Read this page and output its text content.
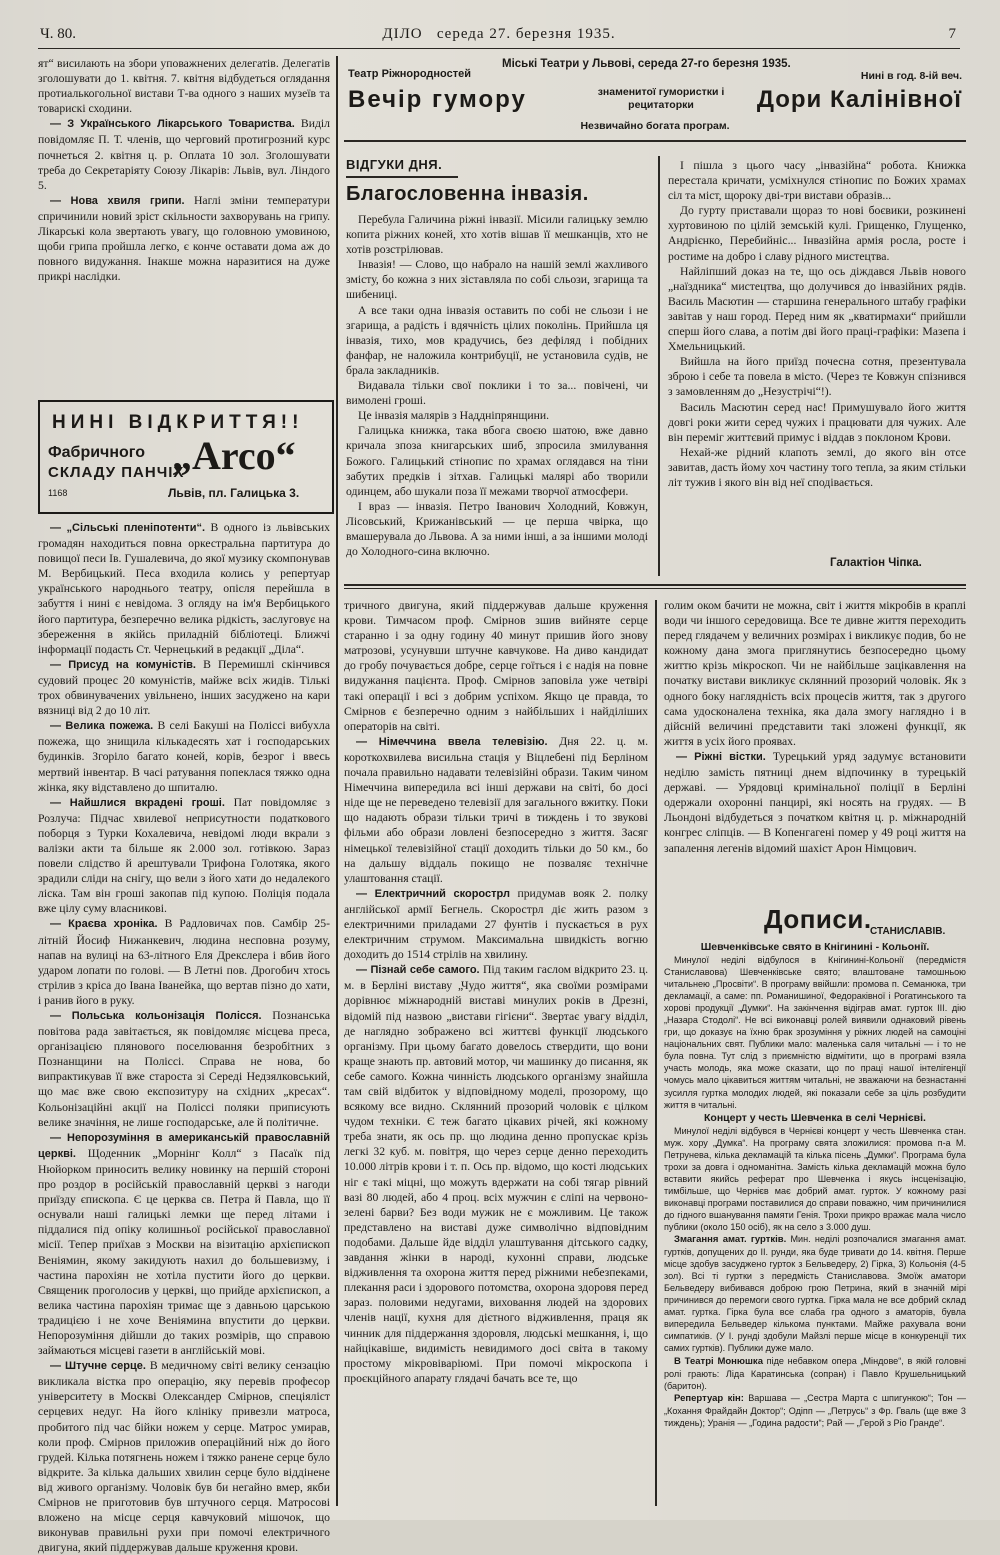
Ч. 80.	ДІЛО середа 27. березня 1935.	7
Театр Ріжнородностей
Міські Театри у Львові, середа 27-го березня 1935.
Нині в год. 8-ій веч.
Вечір гумору	знаменитої гумористки і рецитаторки	Дори Калінівної
Незвичайно богата програм.

ят“ висилають на збори уповажнених делегатів. Делегатів зголошувати до 1. квітня. 7. квітня відбудеться оглядання протиалькогольної вистави Т-ва одного з наших музеїв та товарискі сходини.

— З Українського Лікарського Товариства. Виділ повідомляє П. Т. членів, що черговий протигрозний курс почнеться 2. квітня ц. р. Оплата 10 зол. Зголошувати треба до Секретаріяту Союзу Лікарів: Львів, вул. Ліндого 5.

— Нова хвиля грипи. Наглі зміни температури спричинили новий зріст скільности захворувань на грипу. Лікарські кола звертають увагу, що головною умовиною, щоби грипа пройшла легко, є конче оставати дома аж до повного видужання. Інакше можна наразитися на дуже прикрі наслідки.

НИНІ ВІДКРИТТЯ!!
Фабричного
СКЛАДУ ПАНЧІХ
„Arco“
1168	Львів, пл. Галицька 3.

— „Сільські пленіпотенти“. В одного із львівських громадян находиться повна оркестральна партитура до повищої песи Ів. Гушалевича, до якої музику скомпонував М. Вербицький. Песа входила колись у репертуар українського народнього театру, опісля перейшла в забуття і нині є невідома. З огляду на ім'я Вербицького його партитура, безперечно велика рідкість, заслуговує на збереження в якійсь приладній бібліотеці. Ближчі інформації подасть Ст. Чернецький в редакції „Діла“.

— Присуд на комуністів. В Перемишлі скінчився судовий процес 20 комуністів, майже всіх жидів. Тількі трох обвинувачених увільнено, інших засуджено на кари вязниці від 2 до 10 літ.

— Велика пожежа. В селі Бакуші на Поліссі вибухла пожежа, що знищила кількадесять хат і господарських будинків. Згоріло багато коней, корів, безрог і ввесь мертвий інвентар. В часі ратування попеклася тяжко одна жінка, яку відставлено до шпиталю.

— Найшлися вкрадені гроші. Пат повідомляє з Розлуча: Підчас хвилевої неприсутности податкового поборця з Турки Кохалевича, невідомі люди вкрали з валізки акти та більше як 2.000 зол. готівкою. Зараз повели слідство й арештували Трифона Голотяка, якого зрадили сліди на снігу, що вели з його хати до недалекого ліска. Там він гроші закопав під купою. Поліція подала вже цілу суму власникові.

— Краєва хроніка. В Радловичах пов. Самбір 25-літній Йосиф Нижанкевич, людина несповна розуму, напав на вулиці на 63-літного Еля Дрекслера і вбив його ударом лопати по голові. — В Летні пов. Дрогобич хтось стрілив з кріса до Івана Іванейка, що вертав пізно до хати, і ранив його в руку.

— Польська кольонізація Полісся. Познанська повітова рада завітається, як повідомляє місцева преса, організацією плянового поселювання безробітних з Познанщини на Поліссі. Справа не нова, бо випрактикував її вже староста зі Середі Недзялковський, що має вже свою експозитуру на східних „кресах“. Кольонізаційні акції на Поліссі поляки приписують велике значіння, не лише господарське, але й політичне.

— Непорозуміння в американській православній церкві. Щоденник „Морнінг Колл“ з Пасаїк під Нюйорком приносить велику новинку на першій стороні про роздор в російській православній церкві з нагоди приїзду єпископа. Є це церква св. Петра й Павла, що її оснували наші галицькі лемки ще перед літами і піддалися під опіку колишньої російської православної місії. Тепер приїхав з Москви на візитацію архієпископ Веніямин, якому закидують нахил до большевизму, і частина парохіян не хотіла пустити його до церкви. Священик проголосив у церкві, що прийде архієпископ, а велика частина парохіян тримає ще з давньою царською традицією і не хоче Веніямина впустити до церкви. Непорозуміння дійшли до таких розмірів, що справою займаються місцеві газети в англійській мові.

— Штучне серце. В медичному світі велику сензацію викликала вістка про операцію, яку перевів професор університету в Москві Олександер Смірнов, спеціяліст серцевих недуг. На його клініку привезли матроса, пробитого під час бійки ножем у серце. Матрос умирав, коли проф. Смірнов приложив операційний ніж до його грудей. Кілька потягнень ножем і тяжко ранене серце було відкрите. За кілька дальших хвилин серце було віддінене від живого організму. Чоловік був би негайно вмер, якби Смірнов не приготовив був штучного серця. Матросові вложено на місце серця кавчуковий мішочок, що виконував правильні рухи при помочі електричного двигуна, який піддержував дальше круження крови.

ВІДГУКИ ДНЯ.
Благословенна інвазія.

Перебула Галичина ріжні інвазії. Місили галицьку землю копита ріжних коней, хто хотів вішав її мешканців, хто не хотів розстрілював.

Інвазія! — Слово, що набрало на нашій землі жахливого змісту, бо кожна з них зіставляла по собі сльози, згарища та шибениці.

А все таки одна інвазія оставить по собі не сльози і не згарища, а радість і вдячність цілих поколінь. Прийшла ця інвазія, тихо, мов крадучись, без дефіляд і побідних фанфар, не наложила контрибуції, не установила судів, не брала закладників.

Видавала тільки свої поклики і то за... повічені, чи вимолені гроші.

Це інвазія малярів з Наддніпрянщини.

Галицька книжка, така вбога своєю шатою, вже давно кричала зпоза книгарських шиб, зпросила змилування Божого. Галицький стінопис по храмах оглядався на тіни забутих предків і зітхав. Галицькі малярі або творили одинцем, або шукали поза її межами творчої атмосфери.

І враз — інвазія. Петро Іванович Холодний, Ковжун, Лісовський, Крижанівський — це перша чвірка, що вмашерувала до Львова. А за ними інші, а за іншими молоді до Холодного-сина включно.

І пішла з цього часу „інвазійна“ робота. Книжка перестала кричати, усміхнулся стінопис по Божих храмах сіл та міст, щороку дві-три вистави образів...

До гурту приставали щораз то нові боєвики, розкинені хуртовиною по цілій земській кулі. Грищенко, Глущенко, Андрієнко, Перебийніс... Інвазійна армія росла, росте і ростиме на добро і славу рідного мистецтва.

Найліпший доказ на те, що ось діждався Львів нового „наїздника“ мистецтва, що долучився до інвазійних рядів. Василь Масютин — старшина генерального штабу графіки завітав у наш город. Перед ним як „кватирмахи“ прийшли сперш його слава, а потім дві його праці-графіки: Мазепа і Хмельницький.

Вийшла на його приїзд почесна сотня, презентувала зброю і себе та повела в місто. (Через те Ковжун спізнився з замовленням до „Незустрічі“!).

Василь Масютин серед нас! Примушувало його життя довгі роки жити серед чужих і працювати для чужих. Але він переміг життєвий примус і віддав з поклоном Крови.

Нехай-же рідний клапоть землі, до якого він отсе завитав, дасть йому хоч частину того тепла, за яким стільки літ тужив і якого він від неї сподівається.

Галактіон Чіпка.

тричного двигуна, який піддержував дальше круження крови. Тимчасом проф. Смірнов зшив вийняте серце старанно і за одну годину 40 минут пришив його знову матрозові, усунувши штучне кавчукове. На диво кандидат до гробу почувається добре, серце гоїться і є надія на повне видужання пацієнта. Проф. Смірнов заповіла уже четвірі такі операції і всі з добрим успіхом. Якщо це правда, то Смірнов є безперечно одним з найбільших і найділіших операторів на світі.

— Німеччина ввела телевізію. Дня 22. ц. м. короткохвилева висильна стація у Віцлебені під Берліном почала правильно надавати телевізійні образи. Таким чином Німеччина випередила всі інші держави на світі, бо досі ніде ще не переведено телевізії для загального вжитку. Поки що надають образи тільки тричі в тиждень і то звукові фільми або образи ловлені безпосередно з життя. Засяг німецької телевізійної стації доходить тільки до 50 км., бо на дальшу віддаль покищо не позваляє технічне улаштовання стації.

— Електричний скорострл придумав вояк 2. полку англійської армії Бегнель. Скорострл діє жить разом з електричними приладами 27 фунтів і пускається в рух електричним струмом. Максимальна швидкість вогню доходить до 1514 стрілів на хвилину.

— Пізнай себе самого. Під таким гаслом відкрито 23. ц. м. в Берліні виставу „Чудо життя“, яка своїми розмірами дорівнює міжнародній виставі минулих років в Дрезні, відомій під назвою „вистави гігієни“. Звертає увагу відділ, де наглядно зображено всі життєві функції людського організму. При цьому багато довелось ствердити, що вони краще знають пр. автовий мотор, чи машинку до писання, як себе самого. Кожна чинність людського організму знайшла там свій відбиток у відповідному моделі, прозорому, що всякому все видно. Склянний прозорий чоловік є цілком чудом техніки. Є теж багато цікавих річей, які кожному треба знати, як ось пр. що людина денно пропускає крізь легкі 32 куб. м. повітря, що через серце денно переходить 10.000 літрів крови і т. п. Ось пр. відомо, що кості людських ніг є такі міцні, що можуть вдержати на собі тягар рівний вазі 80 людей, або 4 проц. всіх мужчин є сліпі на червоно-зелені барви? Без води мужик не є можливим. Це також представлено на виставі дуже символічно відповідним подобами. Дальше йде відділ улаштування дітського садку, завдання жінки в народі, кухонні справи, людське відживлення та охорона життя перед ріжними небезпеками, плекання раси і здорового потомства, охорона здоровя перед зараз. половими недугами, виховання людей на здорових членів нації, кухня для дієтного відживлення, праця як чинник для піддержання здоровля, людські мешкання, і, що найцікавіше, видимість невидимого досі світа в такому простому мікровіваріюмі. При помочі мікроскопа і проєкційного апарату глядачі бачать все те, що

голим оком бачити не можна, світ і життя мікробів в краплі води чи іншого середовища. Все те дивне життя переходить перед глядачем у величних розмірах і викликує подив, бо не кожному дана змога приглянутись безпосередно цьому життю крізь мікроскоп. Чи не найбільше зацікавлення на початку вистави викликує склянний прозорий чоловік. Як з одного боку наглядність всіх процесів життя, так з другого сама удосконалена техніка, яка дала змогу наглядно і в дійсній величині представити такі зложені функції, як життя в усіх його проявах.

— Ріжні вістки. Турецький уряд задумує встановити неділю замість пятниці днем відпочинку в турецькій державі. — Урядовці кримінальної поліції в Берліні одержали охоронні панцирі, які носять на грудях. — В Льондоні відбудеться з початком квітня ц. р. міжнародній конгрес сліпців. — В Копенгагені помер у 49 році життя на запалення легенів відомий шахіст Арон Німцович.

Дописи.
СТАНИСЛАВІВ.
Шевченківське свято в Кнігинині - Кольонії.

Минулої неділі відбулося в Кнігинині-Кольонії (передмістя Станиславова) Шевченківське свято; влаштоване тамошньою читальнею „Просвіти“. В програму ввійшли: промова п. Семанюка, три декламації, а саме: пп. Романишиної, Федораківної і Рогатинського та хорові продукції „Думки“. На закінчення відіграв амат. гурток ІІІ. дію „Назара Стодолі“. Не всі виконавці ролей виявили однаковий рівень гри, що доказує на їхню брак зрозуміння у ріжних людей на самоціні національних свят. Публики мало: маленька саля читальні — і то не була повна. Тут слід з приємністю відмітити, що в програмі взяла участь молодь, яка може сказати, що по праці нашої інтелігенції чомусь мало цікавиться життям читальні, не зважаючи на безнастанні зусилля гуртка молодих людей, які показали себе за ціль розбудити життя в читальні.

Концерт у честь Шевченка в селі Чернієві.

Минулої неділі відбувся в Чернієві концерт у честь Шевченка стан. муж. хору „Думка“. На програму свята зложилися: промова п-а М. Петрунева, кілька декламацій та кілька пісень „Думки“. Програма була трохи за довга і одноманітна. Замість кілька декламацій можна було вставити якийсь реферат про Шевченка і якусь інсценізацію, тимбільше, що Чернієв має добрий амат. гурток. У кожному разі виконавці програми поставилися до справи поважно, чим причинилися до гідного вшанування памяти Генія. Трохи прикро вражає мала число публики (около 150 осіб), як на село з 3.000 душ.

Змагання амат. гуртків. Мин. неділі розпочалися змагання амат. гуртків, допущених до ІІ. рунди, яка буде тривати до 14. квітня. Перше місце здобув засуджено гурток з Бельведеру, 2) Гірка, 3) Кольонія (4-5 зол). Всі ті гуртки з передмість Станиславова. Змоїж аматори Бельведеру вибивався доброю грою Петрина, який в значній мірі причинився до перемоги свого гуртка. Гірка мала не все добрий склад амат. гуртка. Гірка була все слаба гра одного з аматорів, бувла випередила Бельведер кількома пунктами. Майже рахувала вони симпатиків. (У І. рунді здобули Майзлі перше місце в конкуренції тих самих гуртків). Публики дуже мало.

В Театрі Монюшка піде небавком опера „Міндове“, в якій головні ролі грають: Ліда Каратинська (сопран) і Павло Крушельницький (баритон).

Репертуар кін: Варшава — „Сестра Марта с шпигункою“; Тон — „Кохання Фрайдайн Доктор“; Одіпп — „Петрусь“ з Фр. Гваль (ще вже 3 тиждень); Уранія — „Година радости“; Рай — „Герой з Ріо Гранде“.
